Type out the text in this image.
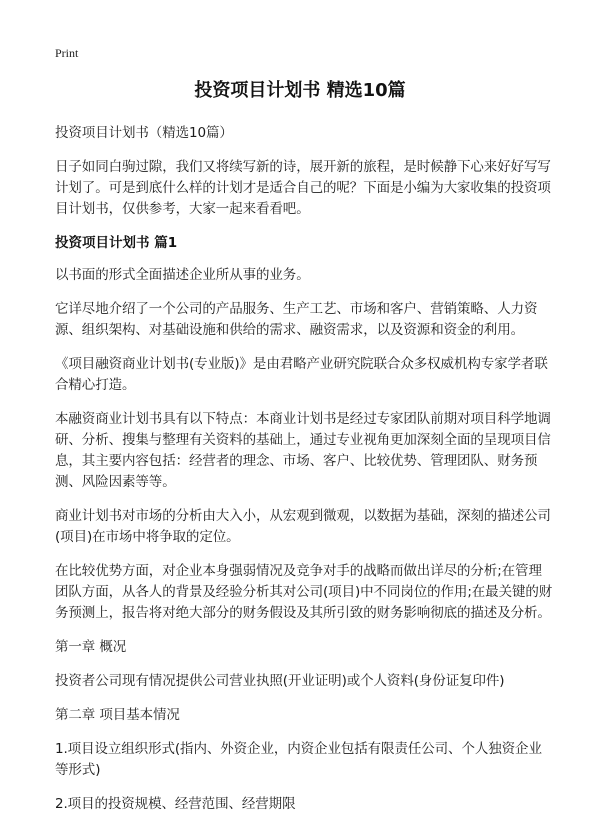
Print
投资项目计划书 精选10篇

投资项目计划书（精选10篇）

日子如同白驹过隙，我们又将续写新的诗，展开新的旅程，是时候静下心来好好写写计划了。可是到底什么样的计划才是适合自己的呢？下面是小编为大家收集的投资项目计划书，仅供参考，大家一起来看看吧。

投资项目计划书 篇1

以书面的形式全面描述企业所从事的业务。

它详尽地介绍了一个公司的产品服务、生产工艺、市场和客户、营销策略、人力资源、组织架构、对基础设施和供给的需求、融资需求，以及资源和资金的利用。

《项目融资商业计划书(专业版)》是由君略产业研究院联合众多权威机构专家学者联合精心打造。

本融资商业计划书具有以下特点：本商业计划书是经过专家团队前期对项目科学地调研、分析、搜集与整理有关资料的基础上，通过专业视角更加深刻全面的呈现项目信息，其主要内容包括：经营者的理念、市场、客户、比较优势、管理团队、财务预测、风险因素等等。

商业计划书对市场的分析由大入小，从宏观到微观，以数据为基础，深刻的描述公司(项目)在市场中将争取的定位。

在比较优势方面，对企业本身强弱情况及竞争对手的战略而做出详尽的分析;在管理团队方面，从各人的背景及经验分析其对公司(项目)中不同岗位的作用;在最关键的财务预测上，报告将对绝大部分的财务假设及其所引致的财务影响彻底的描述及分析。

第一章 概况

投资者公司现有情况提供公司营业执照(开业证明)或个人资料(身份证复印件)

第二章 项目基本情况

1.项目设立组织形式(指内、外资企业，内资企业包括有限责任公司、个人独资企业等形式)

2.项目的投资规模、经营范围、经营期限
